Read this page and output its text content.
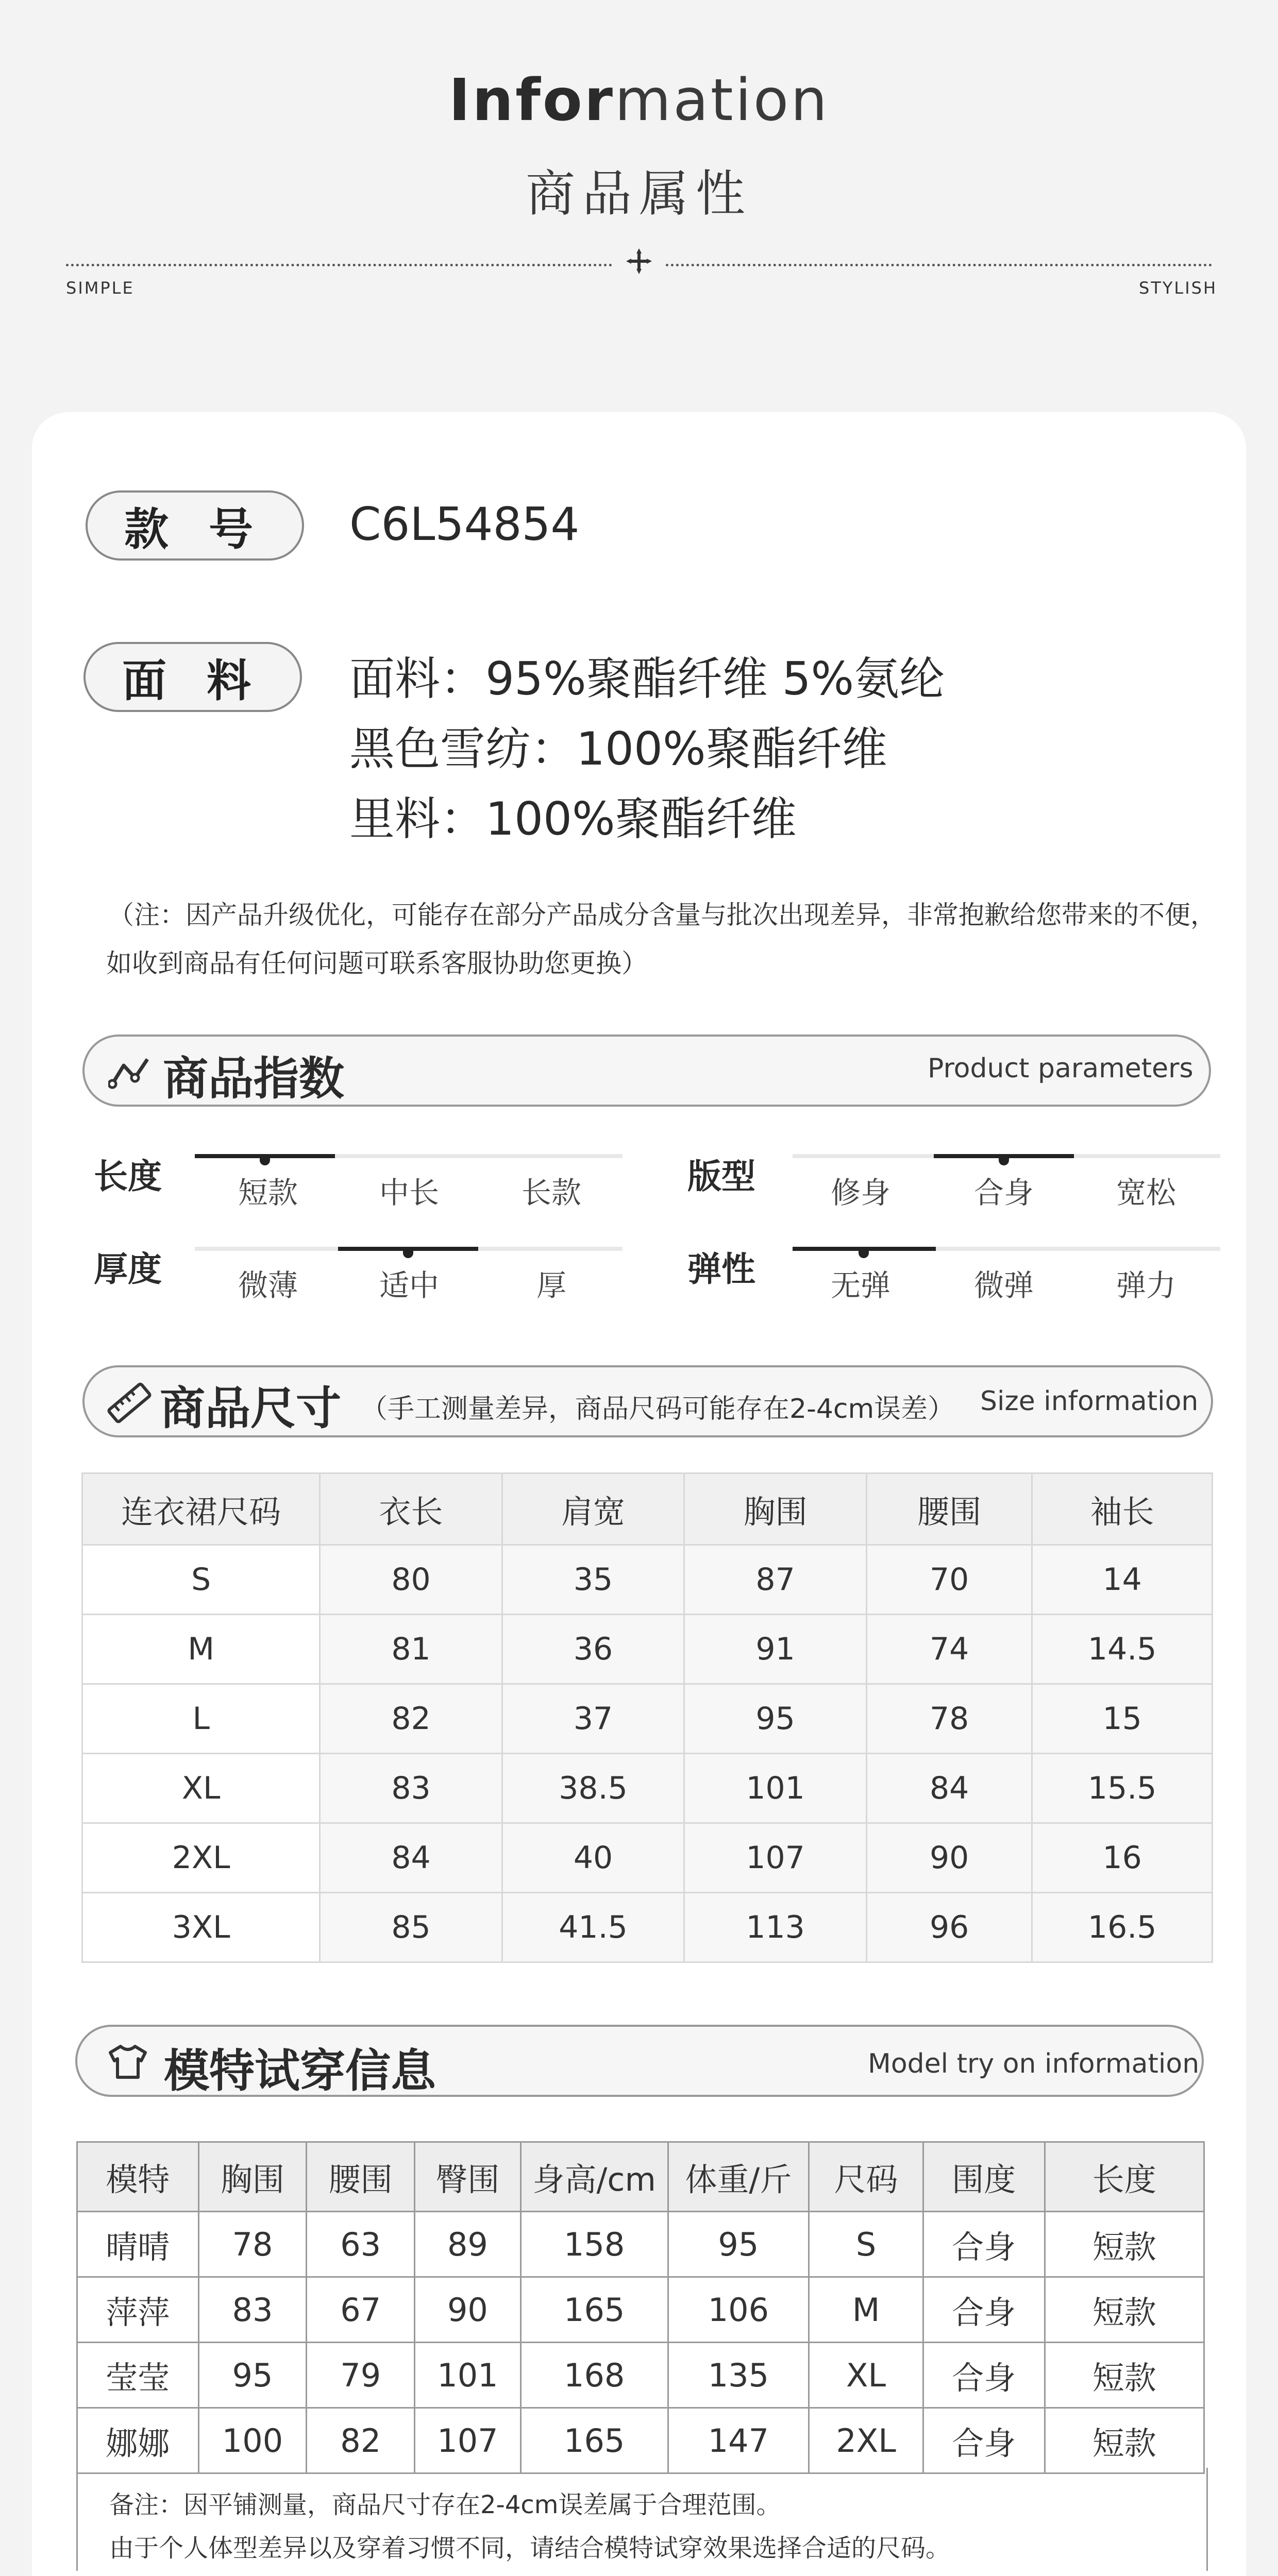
Information
商品属性
SIMPLE	STYLISH
款 号	C6L54854
面 料	面料：95%聚酯纤维 5%氨纶
黑色雪纺：100%聚酯纤维
里料：100%聚酯纤维
（注：因产品升级优化，可能存在部分产品成分含量与批次出现差异，非常抱歉给您带来的不便，
如收到商品有任何问题可联系客服协助您更换）
商品指数	Product parameters
长度	短款	中长	长款	版型	修身	合身	宽松
厚度	微薄	适中	厚	弹性	无弹	微弹	弹力
商品尺寸 （手工测量差异，商品尺码可能存在2-4cm误差） Size information
连衣裙尺码	衣长	肩宽	胸围	腰围	袖长
S	80	35	87	70	14
M	81	36	91	74	14.5
L	82	37	95	78	15
XL	83	38.5	101	84	15.5
2XL	84	40	107	90	16
3XL	85	41.5	113	96	16.5
模特试穿信息	Model try on information
模特	胸围	腰围	臀围	身高/cm	体重/斤	尺码	围度	长度
晴晴	78	63	89	158	95	S	合身	短款
萍萍	83	67	90	165	106	M	合身	短款
莹莹	95	79	101	168	135	XL	合身	短款
娜娜	100	82	107	165	147	2XL	合身	短款
备注：因平铺测量，商品尺寸存在2-4cm误差属于合理范围。
由于个人体型差异以及穿着习惯不同，请结合模特试穿效果选择合适的尺码。
